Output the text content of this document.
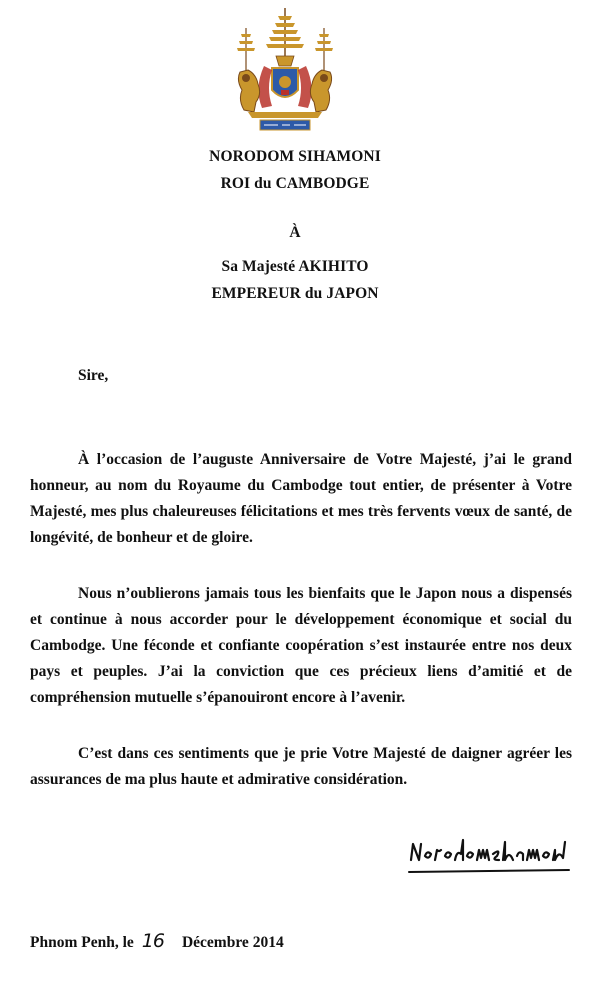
NORODOM SIHAMONI
ROI du CAMBODGE
À
Sa Majesté AKIHITO
EMPEREUR du JAPON
Sire,

À l’occasion de l’auguste Anniversaire de Votre Majesté, j’ai le grand honneur, au nom du Royaume du Cambodge tout entier, de présenter à Votre Majesté, mes plus chaleureuses félicitations et mes très fervents vœux de santé, de longévité, de bonheur et de gloire.

Nous n’oublierons jamais tous les bienfaits que le Japon nous a dispensés et continue à nous accorder pour le développement économique et social du Cambodge. Une féconde et confiante coopération s’est instaurée entre nos deux pays et peuples. J’ai la conviction que ces précieux liens d’amitié et de compréhension mutuelle s’épanouiront encore à l’avenir.

C’est dans ces sentiments que je prie Votre Majesté de daigner agréer les assurances de ma plus haute et admirative considération.

Phnom Penh, le 16 Décembre 2014
